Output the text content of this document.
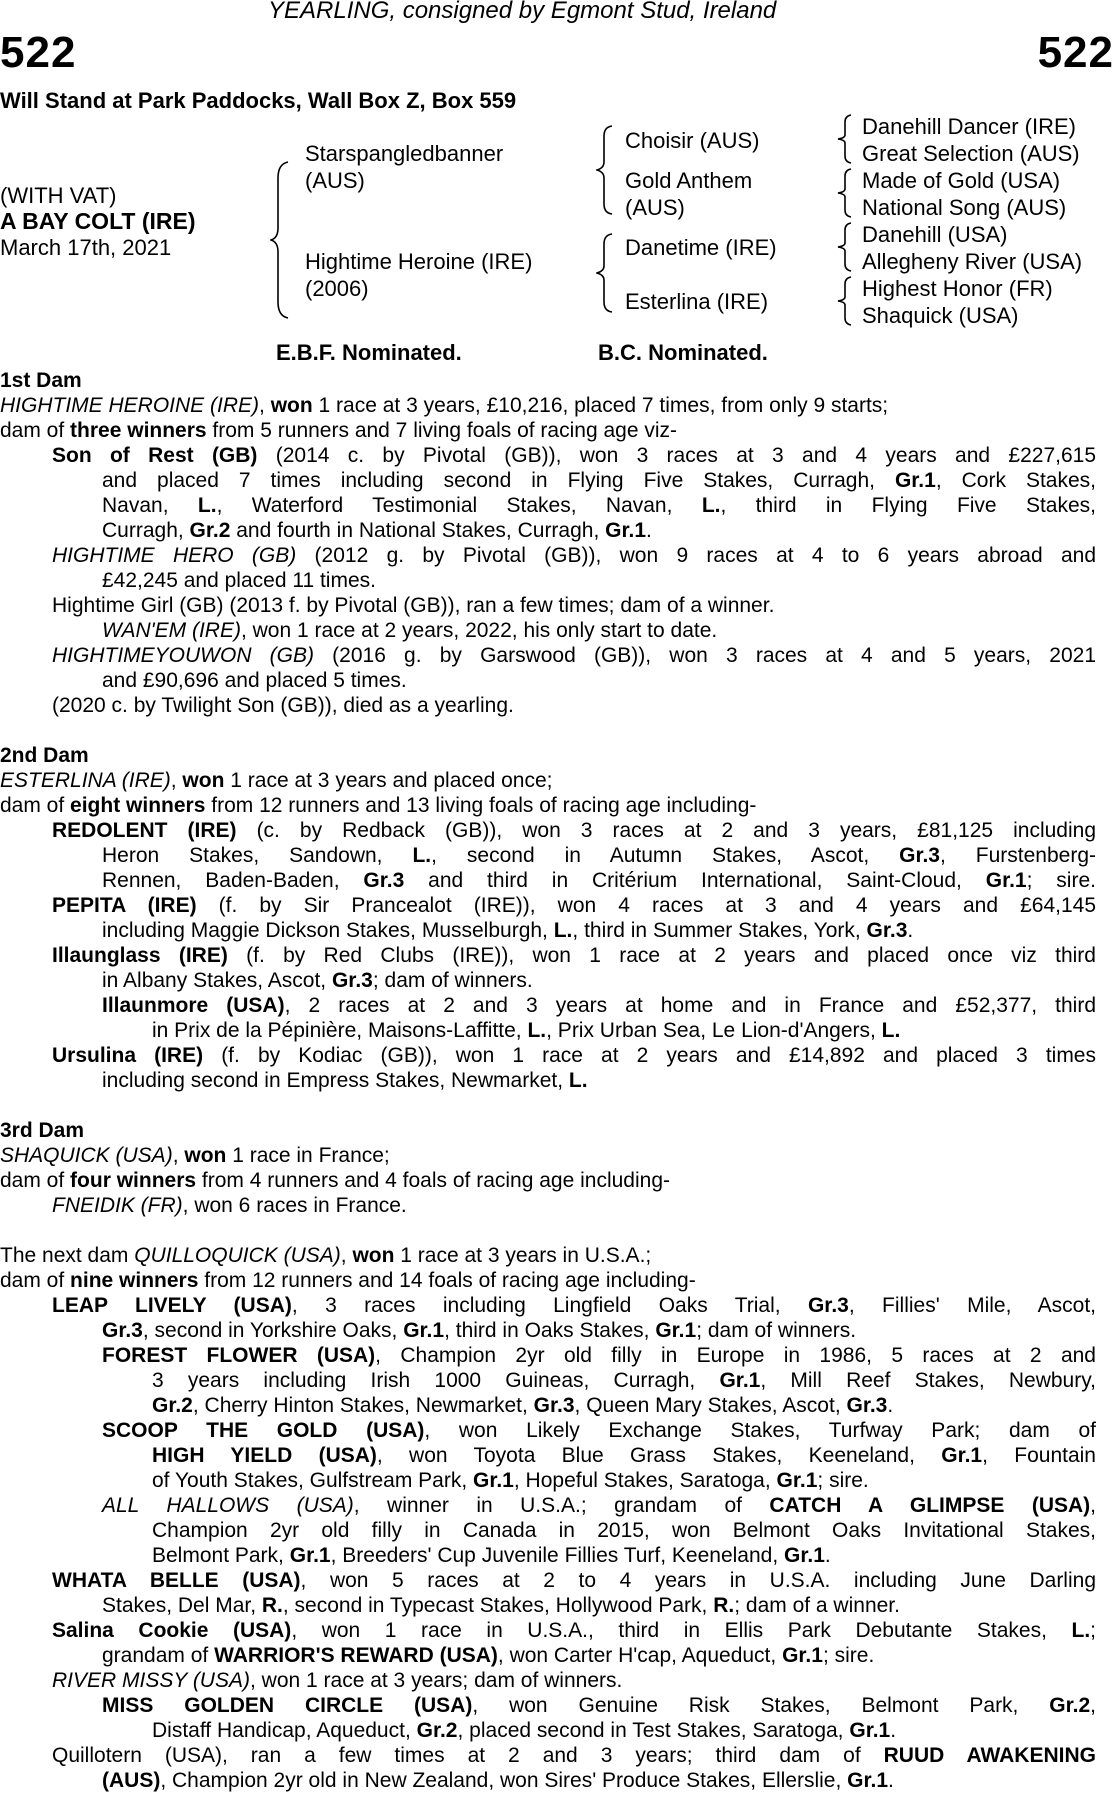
YEARLING, consigned by Egmont Stud, Ireland
522	522
Will Stand at Park Paddocks, Wall Box Z, Box 559
(WITH VAT)
A BAY COLT (IRE)
March 17th, 2021
Starspangledbanner
(AUS)
Hightime Heroine (IRE)
(2006)
Choisir (AUS)
Gold Anthem
(AUS)
Danetime (IRE)
Esterlina (IRE)
Danehill Dancer (IRE)
Great Selection (AUS)
Made of Gold (USA)
National Song (AUS)
Danehill (USA)
Allegheny River (USA)
Highest Honor (FR)
Shaquick (USA)
E.B.F. Nominated.	B.C. Nominated.
1st Dam
HIGHTIME HEROINE (IRE), won 1 race at 3 years, £10,216, placed 7 times, from only 9 starts;
dam of three winners from 5 runners and 7 living foals of racing age viz-
Son of Rest (GB) (2014 c. by Pivotal (GB)), won 3 races at 3 and 4 years and £227,615
and placed 7 times including second in Flying Five Stakes, Curragh, Gr.1, Cork Stakes,
Navan, L., Waterford Testimonial Stakes, Navan, L., third in Flying Five Stakes,
Curragh, Gr.2 and fourth in National Stakes, Curragh, Gr.1.
HIGHTIME HERO (GB) (2012 g. by Pivotal (GB)), won 9 races at 4 to 6 years abroad and
£42,245 and placed 11 times.
Hightime Girl (GB) (2013 f. by Pivotal (GB)), ran a few times; dam of a winner.
WAN'EM (IRE), won 1 race at 2 years, 2022, his only start to date.
HIGHTIMEYOUWON (GB) (2016 g. by Garswood (GB)), won 3 races at 4 and 5 years, 2021
and £90,696 and placed 5 times.
(2020 c. by Twilight Son (GB)), died as a yearling.
2nd Dam
ESTERLINA (IRE), won 1 race at 3 years and placed once;
dam of eight winners from 12 runners and 13 living foals of racing age including-
REDOLENT (IRE) (c. by Redback (GB)), won 3 races at 2 and 3 years, £81,125 including
Heron Stakes, Sandown, L., second in Autumn Stakes, Ascot, Gr.3, Furstenberg-
Rennen, Baden-Baden, Gr.3 and third in Critérium International, Saint-Cloud, Gr.1; sire.
PEPITA (IRE) (f. by Sir Prancealot (IRE)), won 4 races at 3 and 4 years and £64,145
including Maggie Dickson Stakes, Musselburgh, L., third in Summer Stakes, York, Gr.3.
Illaunglass (IRE) (f. by Red Clubs (IRE)), won 1 race at 2 years and placed once viz third
in Albany Stakes, Ascot, Gr.3; dam of winners.
Illaunmore (USA), 2 races at 2 and 3 years at home and in France and £52,377, third
in Prix de la Pépinière, Maisons-Laffitte, L., Prix Urban Sea, Le Lion-d'Angers, L.
Ursulina (IRE) (f. by Kodiac (GB)), won 1 race at 2 years and £14,892 and placed 3 times
including second in Empress Stakes, Newmarket, L.
3rd Dam
SHAQUICK (USA), won 1 race in France;
dam of four winners from 4 runners and 4 foals of racing age including-
FNEIDIK (FR), won 6 races in France.
The next dam QUILLOQUICK (USA), won 1 race at 3 years in U.S.A.;
dam of nine winners from 12 runners and 14 foals of racing age including-
LEAP LIVELY (USA), 3 races including Lingfield Oaks Trial, Gr.3, Fillies' Mile, Ascot,
Gr.3, second in Yorkshire Oaks, Gr.1, third in Oaks Stakes, Gr.1; dam of winners.
FOREST FLOWER (USA), Champion 2yr old filly in Europe in 1986, 5 races at 2 and
3 years including Irish 1000 Guineas, Curragh, Gr.1, Mill Reef Stakes, Newbury,
Gr.2, Cherry Hinton Stakes, Newmarket, Gr.3, Queen Mary Stakes, Ascot, Gr.3.
SCOOP THE GOLD (USA), won Likely Exchange Stakes, Turfway Park; dam of
HIGH YIELD (USA), won Toyota Blue Grass Stakes, Keeneland, Gr.1, Fountain
of Youth Stakes, Gulfstream Park, Gr.1, Hopeful Stakes, Saratoga, Gr.1; sire.
ALL HALLOWS (USA), winner in U.S.A.; grandam of CATCH A GLIMPSE (USA),
Champion 2yr old filly in Canada in 2015, won Belmont Oaks Invitational Stakes,
Belmont Park, Gr.1, Breeders' Cup Juvenile Fillies Turf, Keeneland, Gr.1.
WHATA BELLE (USA), won 5 races at 2 to 4 years in U.S.A. including June Darling
Stakes, Del Mar, R., second in Typecast Stakes, Hollywood Park, R.; dam of a winner.
Salina Cookie (USA), won 1 race in U.S.A., third in Ellis Park Debutante Stakes, L.;
grandam of WARRIOR'S REWARD (USA), won Carter H'cap, Aqueduct, Gr.1; sire.
RIVER MISSY (USA), won 1 race at 3 years; dam of winners.
MISS GOLDEN CIRCLE (USA), won Genuine Risk Stakes, Belmont Park, Gr.2,
Distaff Handicap, Aqueduct, Gr.2, placed second in Test Stakes, Saratoga, Gr.1.
Quillotern (USA), ran a few times at 2 and 3 years; third dam of RUUD AWAKENING
(AUS), Champion 2yr old in New Zealand, won Sires' Produce Stakes, Ellerslie, Gr.1.
